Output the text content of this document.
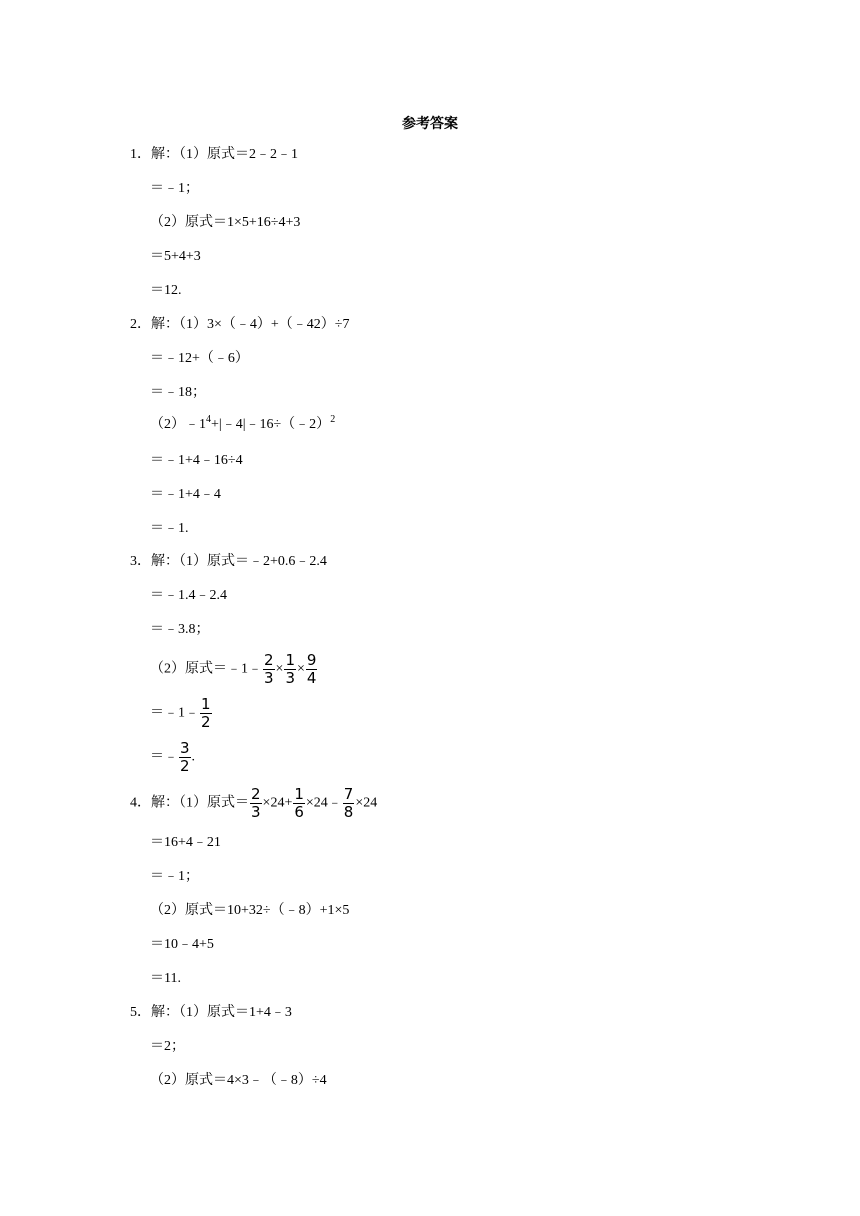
参考答案
1．解：（1）原式＝2﹣2﹣1
＝﹣1；
（2）原式＝1×5+16÷4+3
＝5+4+3
＝12.
2．解：（1）3×（﹣4）+（﹣42）÷7
＝﹣12+（﹣6）
＝﹣18；
＝﹣1+4﹣16÷4
＝﹣1+4﹣4
＝﹣1.
3．解：（1）原式＝﹣2+0.6﹣2.4
＝﹣1.4﹣2.4
＝﹣3.8；
＝16+4﹣21
＝﹣1；
（2）原式＝10+32÷（﹣8）+1×5
＝10﹣4+5
＝11.
5．解：（1）原式＝1+4﹣3
＝2；
（2）原式＝4×3﹣（﹣8）÷4
$(2)﹣1^4+|﹣4|﹣16\div(﹣2)^2$
（2）原式＝﹣1﹣ $\frac{2}{3} \times \frac{1}{3} \times \frac{9}{4}$
＝﹣1﹣ $\frac{1}{2}$
＝﹣ $\frac{3}{2}$ .
4．解：（1）原式＝ $\frac{2}{3} \times 24+ \frac{1}{6}$ ×24﹣ $\frac{7}{8} \times 24$
